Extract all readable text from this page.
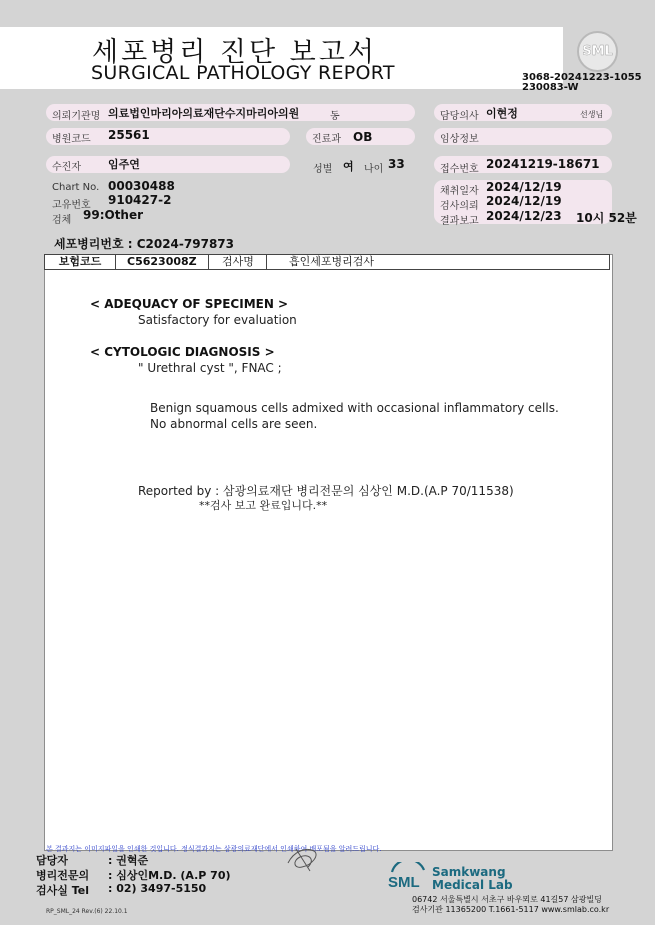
세포병리 진단 보고서
SURGICAL PATHOLOGY REPORT
SML
3068-20241223-1055
230083-W
의뢰기관명 의료법인마리아의료재단수지마리아의원	동	담당의사 이현정	선생님
병원코드 25561	진료과 OB	임상정보
수진자 임주연	성별 여 나이 33	접수번호 20241219-18671
Chart No. 00030488
고유번호 910427-2
검체 99:Other
채취일자 2024/12/19
검사의뢰 2024/12/19
결과보고 2024/12/23 10시 52분
세포병리번호 : C2024-797873
보험코드	C5623008Z	검사명	흡인세포병리검사
< ADEQUACY OF SPECIMEN >
Satisfactory for evaluation
< CYTOLOGIC DIAGNOSIS >
" Urethral cyst ", FNAC ;
Benign squamous cells admixed with occasional inflammatory cells.
No abnormal cells are seen.
Reported by : 삼광의료재단 병리전문의 심상인 M.D.(A.P 70/11538)
**검사 보고 완료입니다.**
본 결과지는 이미지파일을 인쇄한 것입니다. 정식결과지는 삼광의료재단에서 인쇄하여 배포됨을 알려드립니다.
담당자	: 권혁준
병리전문의 : 심상인M.D. (A.P 70)
검사실 Tel : 02) 3497-5150	SML
Samkwang
Medical Lab
06742 서울특별시 서초구 바우뫼로 41길57 삼광빌딩
검사기관 11365200 T.1661-5117 www.smlab.co.kr
RP_SML_24 Rev.(6) 22.10.1
